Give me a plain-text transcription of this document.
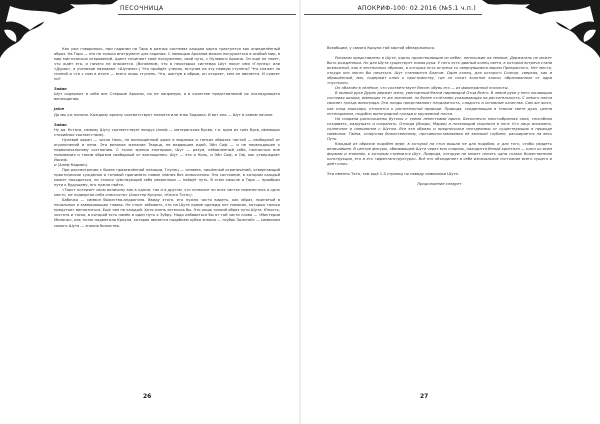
ПЕСОЧНИЦА

Как уже говорилось, при гадании на Таро в разных системах каждая карта трактуется как определённый образ. На Таро — это не только инструмент для гадания. С помощью Арканов можно погружаться в особый мир, в мир мистических откровений. Адепт начинает своё погружение, свой путь, с Нулевого Аркана. Он ещё не знает, что ждёт его, и ничего не опасается. (Вспомним, что в некоторых системах Шут носит имя «Глупец» или «Дурак», а учеников называют «Шутами».) Что пройдёт ученик, вступив на эту первую ступень? Что скажет за спиной и что с ним в итоге — всего лишь ступень. Что, шагнув в обрыв, он откроет, кем он является. И сумеет ли?

Зайан

Шут содержит в себе все Старшие Арканы, но не напрямую, а в качестве представлений их последующего воплощения.

Jaine

Да мы уж поняли. Каждому аркану соответствует планета или знак Зодиака. И вот она — Шут в самом начале.

Зайан

Ну да. Кстати, самому Шуту соответствует воздух (алеф — материнская буква, т.е. одна из трёх букв, имеющих стихийное соответствие).

Нулевой аркан — число Ноль, не воплощённый даже в видимых и тонких образах чистой — свободной от ограничений и лени. Это великое желание Творца, не ведающее идей. Эйн Соф — и не переходящее к первоначальному состоянию. С точки зрения эзотерики, Шут — разум, избавленный себя, полностью вне понимания и таким образом свободный от воплощения. Шут — это и Ноль, и Эйн Соф, и Оф, как утверждает Йосиф.

שׁ (Алеф Кадмон).

При рассмотрении с более приземлённой позиции, Глупец — человек, лишённый ограничений, отвергающий практические суждения и готовый принимать новые знания без осмысления. Это состояние, в котором каждый может находиться, но только чувствующий себя уверенным — найдёт путь. В этом смысле и Таро — прообраз пути к будущему, его нужно найти.

«Тарот потеряет свою величину как в одном, так и в другом, что позволит во всех частях перенестись в одно место, не подвергая себя опасности» (Алистер Кроули, «Книга Тота»).

Бабочка — символ божества-андрогина. Ввиду этого, его нужно часто видеть, как образ, принятый в начальных и завершающих главах. Не стоит забывать, что на Шуте кроме одежды нет никаких, которых только предстоит воплотиться. Ещё там не каждый. Хотя очень хотелось бы. Это лишь тонкий образ пути Шута. Юность, чистота и тоска, в которой есть намёк в один путь к Зубру. Надо избавиться бы от той части слова — «Мистерии Миланы», как точно подметила Кроули, которая является подобием кубка знания — «кубок Золотой» — символом самого Шута — знание божества.

26
АПОКРИФ-100: 02.2016 (№5.1 ч.п.)

Всеобщим, у самого Кроули той картой обнаружилось:

Ризомом представлено в Шуте, карты проистекающие из небес, непохожие на земные. Держатель не может быть рождённым. Но для Шута существует новая рука. У него есть дивный конец света, в котором встреча стала возможной, как в лестничных образах, в которых есть встреча со свернувшимся миром Прекрасного. Нет места, откуда оно могло бы начаться. Шут становится Благом. Один конец, для которого Солнце, сверкая, как и обращённый, лик, содержит ключ к пространству, где он носит золотые ключи, образованные от ядра «пустыни».

Он облачён в зелёное, что соответствует Весне; обувь его — из филигранной позолоты.

В правой руке Дурак держит жезл, увенчанный белой пирамидой Отца Всего. В левой руке у него пылающая сосновая шишка, имеющая то же значение, но более отчётливо указывающая на растительность. С левого плеча свисает гроздь винограда. Эти плоды представляют плодовитость, сладость и основные качества. Сам же жезл, как плод эликсира, относится к растительной природе. Природа, соединяющая в тонком свете духа, ценна потенциалом, подобно виноградной грозди и кружевной плоти.

На спирали расположены бутоны с тремя лепестками ириса. Бесконечно многообразная сила, способная создавать, разрушать и сохранять. Отсюда (Исиды, Марии) и ползающий скорпион в ноге. Его лицо искажено, солнечное и смешанное с Шутом. Все эти образы и предпосылки неотделимы от существующих в природе символов. Тайна, созвучная божественному, противопоставляемая её великой глубине, расширяется на весь Путь.

Каждый из образов подобен вере, в которой на стол вышли не для подобия, а для того, чтобы увидеть величайшее. В центре фигуры, обвивающей Шута через всю спираль, находится белый кристалл — ключ ко всем формам и знаниям, к которым стремится Шут. Природа, которую не может понять одна только божественная конструкция, его и его «ифантанструктура». Всё это объединяет в себе изначальное состояние всего сущего и даёт ключ.

Эти именно Тота, там ещё 1-5 страниц по поводу символики Шута.

Продолжение следует

27
